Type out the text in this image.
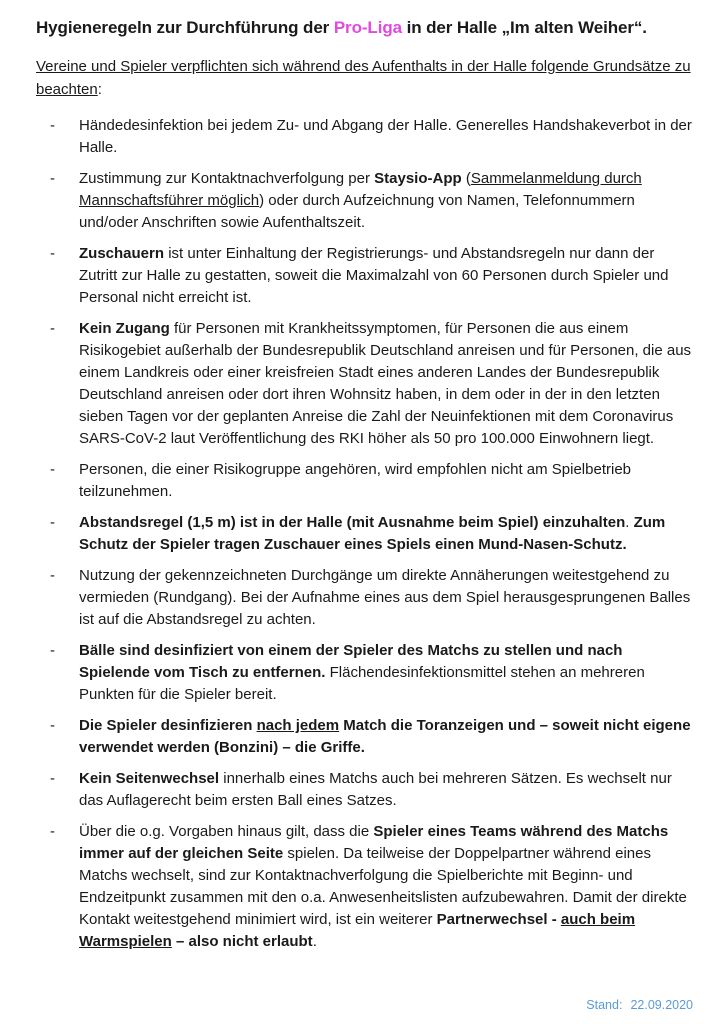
Hygieneregeln zur Durchführung der Pro-Liga in der Halle „Im alten Weiher“.

Vereine und Spieler verpflichten sich während des Aufenthalts in der Halle folgende Grundsätze zu beachten:

- Händedesinfektion bei jedem Zu- und Abgang der Halle. Generelles Handshakeverbot in der Halle.
- Zustimmung zur Kontaktnachverfolgung per Staysio-App (Sammelanmeldung durch Mannschaftsführer möglich) oder durch Aufzeichnung von Namen, Telefonnummern und/oder Anschriften sowie Aufenthaltszeit.
- Zuschauern ist unter Einhaltung der Registrierungs- und Abstandsregeln nur dann der Zutritt zur Halle zu gestatten, soweit die Maximalzahl von 60 Personen durch Spieler und Personal nicht erreicht ist.
- Kein Zugang für Personen mit Krankheitssymptomen, für Personen die aus einem Risikogebiet außerhalb der Bundesrepublik Deutschland anreisen und für Personen, die aus einem Landkreis oder einer kreisfreien Stadt eines anderen Landes der Bundesrepublik Deutschland anreisen oder dort ihren Wohnsitz haben, in dem oder in der in den letzten sieben Tagen vor der geplanten Anreise die Zahl der Neuinfektionen mit dem Coronavirus SARS-CoV-2 laut Veröffentlichung des RKI höher als 50 pro 100.000 Einwohnern liegt.
- Personen, die einer Risikogruppe angehören, wird empfohlen nicht am Spielbetrieb teilzunehmen.
- Abstandsregel (1,5 m) ist in der Halle (mit Ausnahme beim Spiel) einzuhalten. Zum Schutz der Spieler tragen Zuschauer eines Spiels einen Mund-Nasen-Schutz.
- Nutzung der gekennzeichneten Durchgänge um direkte Annäherungen weitestgehend zu vermieden (Rundgang). Bei der Aufnahme eines aus dem Spiel herausgesprungenen Balles ist auf die Abstandsregel zu achten.
- Bälle sind desinfiziert von einem der Spieler des Matchs zu stellen und nach Spielende vom Tisch zu entfernen. Flächendesinfektionsmittel stehen an mehreren Punkten für die Spieler bereit.
- Die Spieler desinfizieren nach jedem Match die Toranzeigen und – soweit nicht eigene verwendet werden (Bonzini) – die Griffe.
- Kein Seitenwechsel innerhalb eines Matchs auch bei mehreren Sätzen. Es wechselt nur das Auflagerecht beim ersten Ball eines Satzes.
- Über die o.g. Vorgaben hinaus gilt, dass die Spieler eines Teams während des Matchs immer auf der gleichen Seite spielen. Da teilweise der Doppelpartner während eines Matchs wechselt, sind zur Kontaktnachverfolgung die Spielberichte mit Beginn- und Endzeitpunkt zusammen mit den o.a. Anwesenheitslisten aufzubewahren. Damit der direkte Kontakt weitestgehend minimiert wird, ist ein weiterer Partnerwechsel - auch beim Warmspielen – also nicht erlaubt.
Stand: 22.09.2020
